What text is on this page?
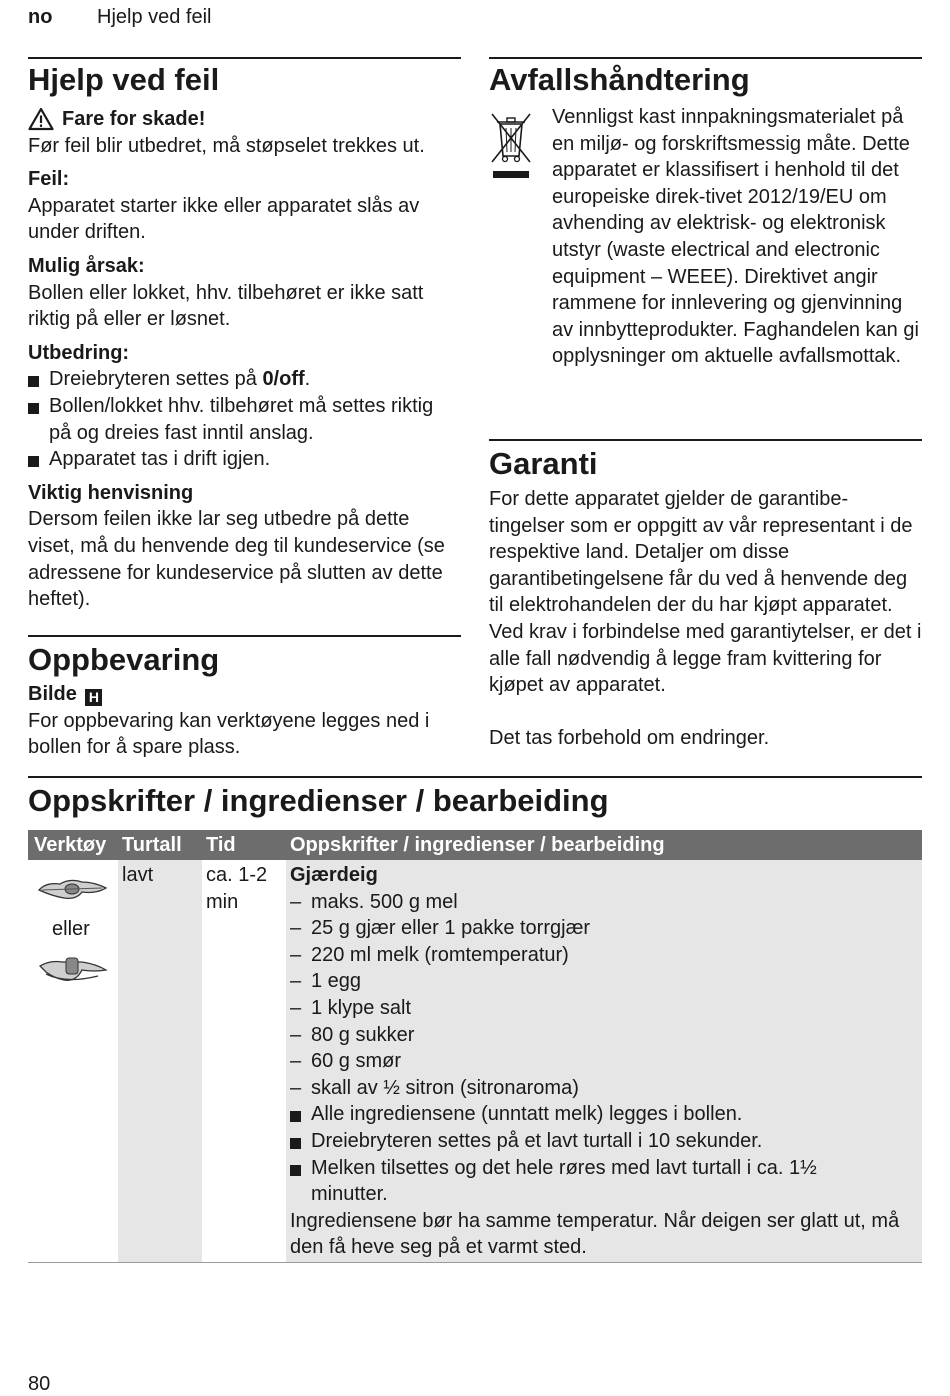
no Hjelp ved feil
Hjelp ved feil
Fare for skade!

Før feil blir utbedret, må støpselet trekkes ut.

Feil:

Apparatet starter ikke eller apparatet slås av under driften.

Mulig årsak:

Bollen eller lokket, hhv. tilbehøret er ikke satt riktig på eller er løsnet.

Utbedring:
Dreiebryteren settes på 0/off.
Bollen/lokket hhv. tilbehøret må settes riktig på og dreies fast inntil anslag.
Apparatet tas i drift igjen.
Viktig henvisning

Dersom feilen ikke lar seg utbedre på dette viset, må du henvende deg til kundeservice (se adressene for kundeservice på slutten av dette heftet).

Oppbevaring
Bilde H

For oppbevaring kan verktøyene legges ned i bollen for å spare plass.

Avfallshåndtering

Vennligst kast innpakningsmaterialet på en miljø- og forskriftsmessig måte. Dette apparatet er klassifisert i henhold til det europeiske direk-tivet 2012/19/EU om avhending av elektrisk- og elektronisk utstyr (waste electrical and electronic equipment – WEEE). Direktivet angir rammene for innlevering og gjenvinning av innbytteprodukter. Faghandelen kan gi opplysninger om aktuelle avfallsmottak.

Garanti

For dette apparatet gjelder de garantibe-tingelser som er oppgitt av vår representant i de respektive land. Detaljer om disse garantibetingelsene får du ved å henvende deg til elektrohandelen der du har kjøpt apparatet. Ved krav i forbindelse med garantiytelser, er det i alle fall nødvendig å legge fram kvittering for kjøpet av apparatet.

Det tas forbehold om endringer.

Oppskrifter / ingredienser / bearbeiding
Verktøy Turtall Tid	Oppskrifter / ingredienser / bearbeiding
eller
lavt	ca. 1-2
min
Gjærdeig
– maks. 500 g mel
– 25 g gjær eller 1 pakke torrgjær
– 220 ml melk (romtemperatur)
– 1 egg
– 1 klype salt
– 80 g sukker
– 60 g smør
– skall av ½ sitron (sitronaroma)
Alle ingrediensene (unntatt melk) legges i bollen.
Dreiebryteren settes på et lavt turtall i 10 sekunder.
Melken tilsettes og det hele røres med lavt turtall i ca. 1½ minutter.

Ingrediensene bør ha samme temperatur. Når deigen ser glatt ut, må den få heve seg på et varmt sted.

80
